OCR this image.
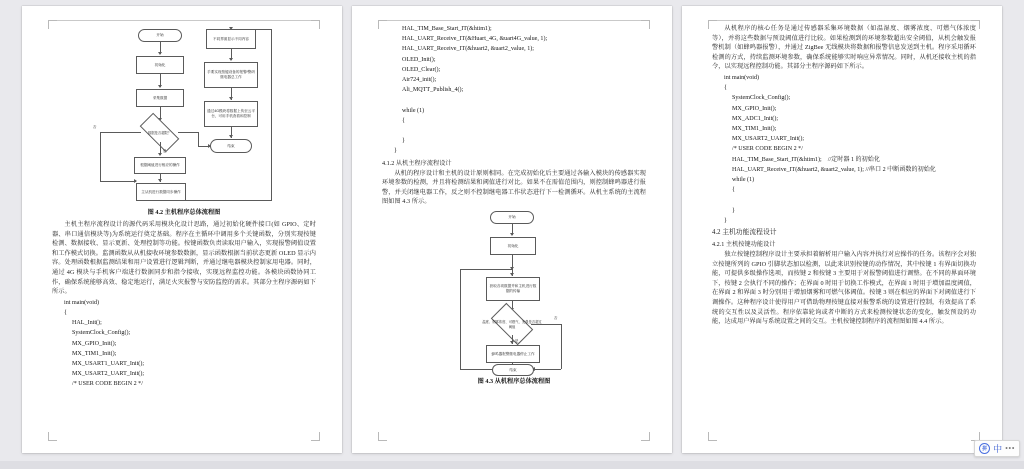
开始
初始化
采集数据
数据是否超限？
否
是
根据阈值进行相应的操作
主从机进行数据同步操作
不同界面显示不同内容
手要实现按键设备的报警/警码继电器总工作
通过4G模块将数据上传至云平台，可用手机查看和控制
结束
图 4.2 主机程序总体流程图

主机主程序流程设计的源代码采用模块化设计思路，通过初始化硬件接口(如 GPIO、定时器、串口通信模块等)为系统运行奠定基础。程序在主循环中调用多个关键函数，分别实现按键检测、数据接收、显示更新、处理控制等功能。按键函数负责读取用户输入，实现报警阈值设置和工作模式切换。监测函数从从机接收环境参数数据，显示函数根据当前状态更新 OLED 显示内容。处理函数根据监测结果和用户设置进行逻辑判断，并通过继电器模块控制家用电器。同时，通过 4G 模块与手机客户端进行数据同步和指令接收，实现远程监控功能。各模块函数协同工作，确保系统能够高效、稳定地运行，满足火灾报警与安防监控的需求。其部分主程序源码如下所示。

int main(void)
{
HAL_Init();
SystemClock_Config();
MX_GPIO_Init();
MX_TIM1_Init();
MX_USART1_UART_Init();
MX_USART2_UART_Init();
/* USER CODE BEGIN 2 */
HAL_TIM_Base_Start_IT(&htim1);
HAL_UART_Receive_IT(&Huart_4G, &uart4G_value, 1);
HAL_UART_Receive_IT(&huart2, &uart2_value, 1);
OLED_Init();
OLED_Clear();
Air724_init();
Ali_MQTT_Publish_4();

while (1)
{

}
}
4.1.2 从机主程序流程设计

从机的程序设计和主机的设计原则相同。在完成初始化后主要通过各输入模块的传感器实现环境参数的检测，并且将检测结果和阈值进行对比。如果不在需值范围内，则控制蜂鸣器进行报警，并关闭继电器工作，反之则不控制继电器工作状态进行下一检测循环。从机主系统的主流程图如图 4.3 所示。

开始
初始化
获取各项数据并和主机进行数据的传输
温度、烟雾浓度、可燃气、光强是否超过阈值
否
是
蜂鸣器报警继电器停止工作
结束
图 4.3 从机程序总体流程图

从机程序的核心任务是通过传感器采集环境数据（如温湿度、烟雾浓度、可燃气体浓度等），并将这些数据与预设阈值进行比较。如果检测到的环境参数超出安全阈值，从机会触发报警机制（如蜂鸣器报警），并通过 ZigBee 无线模块将数据和报警信息发送到主机。程序采用循环检测的方式，持续监测环境参数，确保系统能够实时响应异常情况。同时，从机还接收主机的指令，以实现远程控制功能。其部分主程序源码如下所示。

int main(void)
{
SystemClock_Config();
MX_GPIO_Init();
MX_ADC1_Init();
MX_TIM1_Init();
MX_USART2_UART_Init();
/* USER CODE BEGIN 2 */
HAL_TIM_Base_Start_IT(&htim1);    //定时器 1 的初始化
HAL_UART_Receive_IT(&huart2, &uart2_value, 1); //串口 2 中断函数的初始化
while (1)
{

}
}
4.2 主机功能流程设计
4.2.1 主机按键功能设计

独立按键控制程序设计主要承担着解析用户输入内容并执行对应操作的任务。该程序会对独立按键所列的 GPIO 引脚状态加以检测，以此来识别按键的动作情况，其中按键 1 有界面切换功能，可提供多级操作选项，而按键 2 和按键 3 主要用于对报警阈值进行调整。在不同的界面环境下，按键 2 会执行不同的操作；在界面 0 时用于切换工作模式，在界面 1 时用于增加温度阈值，在界面 2 和界面 3 时分别用于增加烟雾和可燃气体阈值。按键 3 则在相应的界面下对阈值进行下调操作。这种程序设计使得用户可借助物理按键直接对报警系统的设置进行控制，有效提高了系统的交互性以及灵活性。程序依靠轮询或者中断的方式来检测按键状态的变化，触发预设的功能，达成用户界面与系统设置之间的交互。主机按键控制程序的流程图如图 4.4 所示。

拼 中 •••
